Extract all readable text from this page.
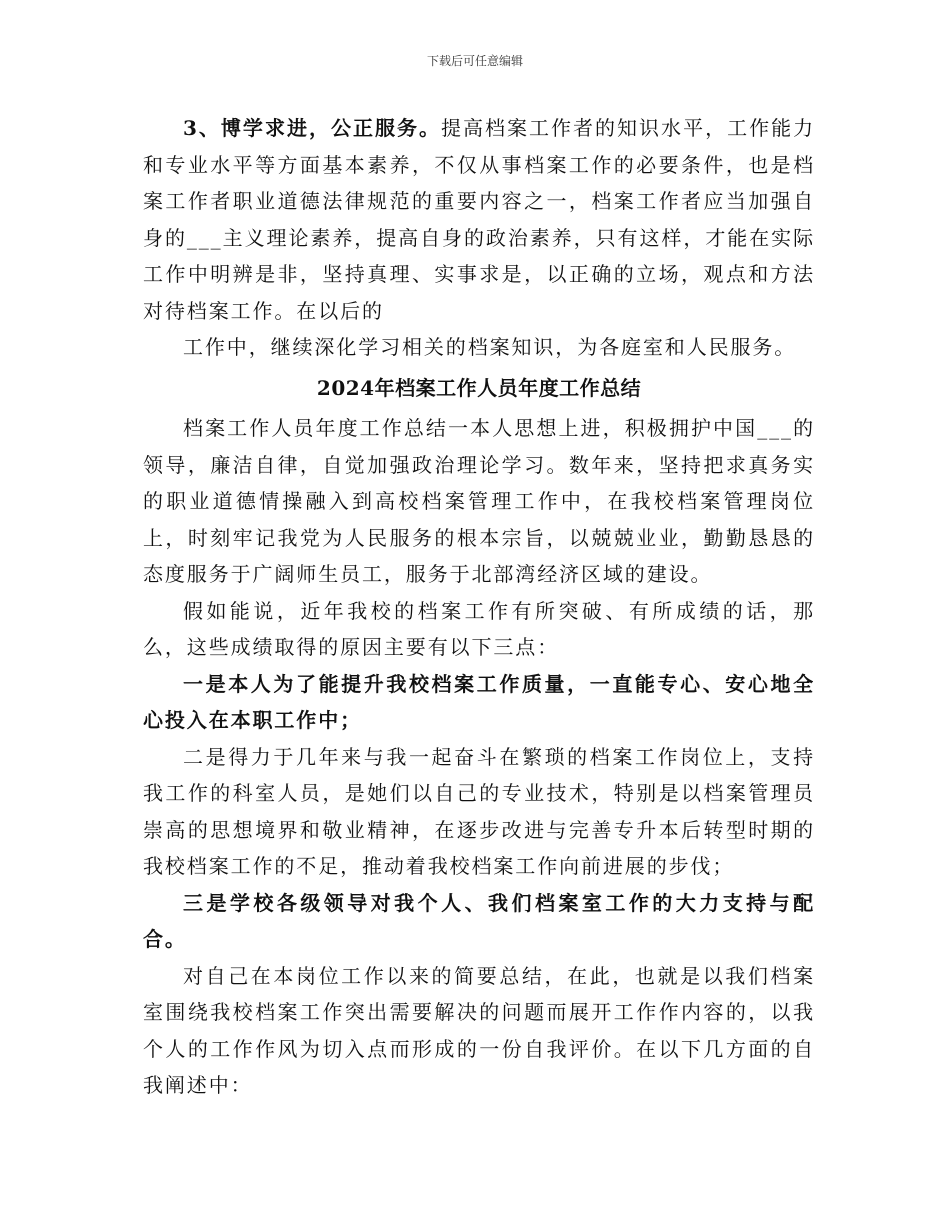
下载后可任意编辑

3、博学求进，公正服务。提高档案工作者的知识水平，工作能力和专业水平等方面基本素养，不仅从事档案工作的必要条件，也是档案工作者职业道德法律规范的重要内容之一，档案工作者应当加强自身的___主义理论素养，提高自身的政治素养，只有这样，才能在实际工作中明辨是非，坚持真理、实事求是，以正确的立场，观点和方法对待档案工作。在以后的

工作中，继续深化学习相关的档案知识，为各庭室和人民服务。

2024年档案工作人员年度工作总结

档案工作人员年度工作总结一本人思想上进，积极拥护中国___的领导，廉洁自律，自觉加强政治理论学习。数年来，坚持把求真务实的职业道德情操融入到高校档案管理工作中，在我校档案管理岗位上，时刻牢记我党为人民服务的根本宗旨，以兢兢业业，勤勤恳恳的态度服务于广阔师生员工，服务于北部湾经济区域的建设。

假如能说，近年我校的档案工作有所突破、有所成绩的话，那么，这些成绩取得的原因主要有以下三点：

一是本人为了能提升我校档案工作质量，一直能专心、安心地全心投入在本职工作中；

二是得力于几年来与我一起奋斗在繁琐的档案工作岗位上，支持我工作的科室人员，是她们以自己的专业技术，特别是以档案管理员崇高的思想境界和敬业精神，在逐步改进与完善专升本后转型时期的我校档案工作的不足，推动着我校档案工作向前进展的步伐；

三是学校各级领导对我个人、我们档案室工作的大力支持与配合。

对自己在本岗位工作以来的简要总结，在此，也就是以我们档案室围绕我校档案工作突出需要解决的问题而展开工作作内容的，以我个人的工作作风为切入点而形成的一份自我评价。在以下几方面的自我阐述中：
